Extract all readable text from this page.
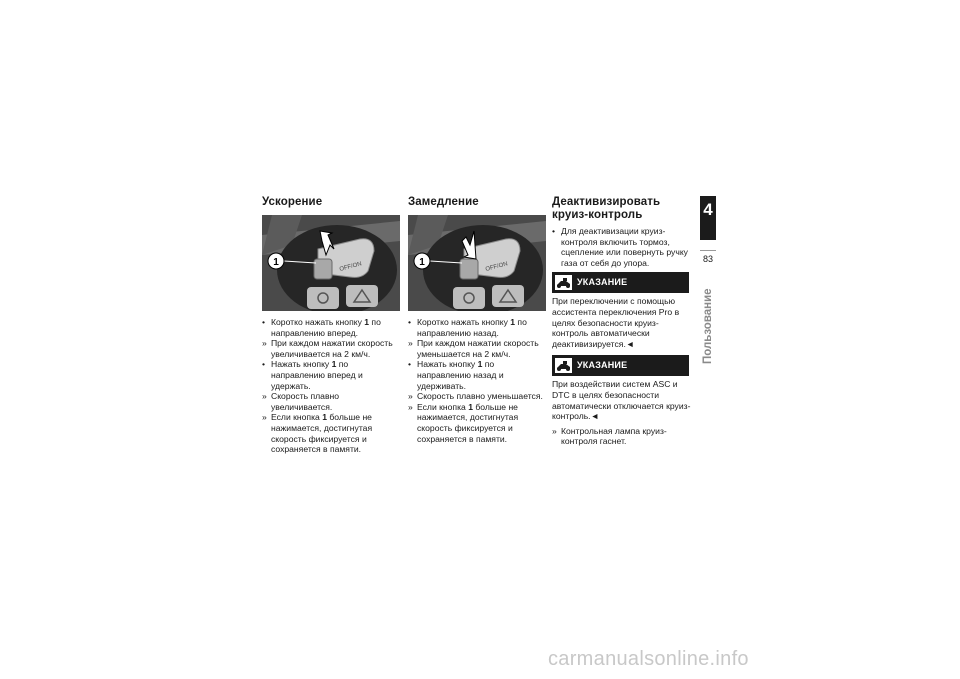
Ускорение
OFF/ON
1
• Коротко нажать кнопку 1 по направлению вперед.
» При каждом нажатии скорость увеличивается на 2 км/ч.
• Нажать кнопку 1 по направлению вперед и удержать.
» Скорость плавно увеличивается.
» Если кнопка 1 больше не нажимается, достигнутая скорость фиксируется и сохраняется в памяти.
Замедление
OFF/ON
1
• Коротко нажать кнопку 1 по направлению назад.
» При каждом нажатии скорость уменьшается на 2 км/ч.
• Нажать кнопку 1 по направлению назад и удерживать.
» Скорость плавно уменьшается.
» Если кнопка 1 больше не нажимается, достигнутая скорость фиксируется и сохраняется в памяти.
Деактивизировать круиз-контроль
• Для деактивизации круиз-контроля включить тормоз, сцепление или повернуть ручку газа от себя до упора.
УКАЗАНИЕ

При переключении с помощью ассистента переключения Pro в целях безопасности круиз-контроль автоматически деактивизируется.◄

УКАЗАНИЕ

При воздействии систем ASC и DTC в целях безопасности автоматически отключается круиз-контроль.◄

» Контрольная лампа круиз-контроля гаснет.
4
83
Пользование
carmanualsonline.info
